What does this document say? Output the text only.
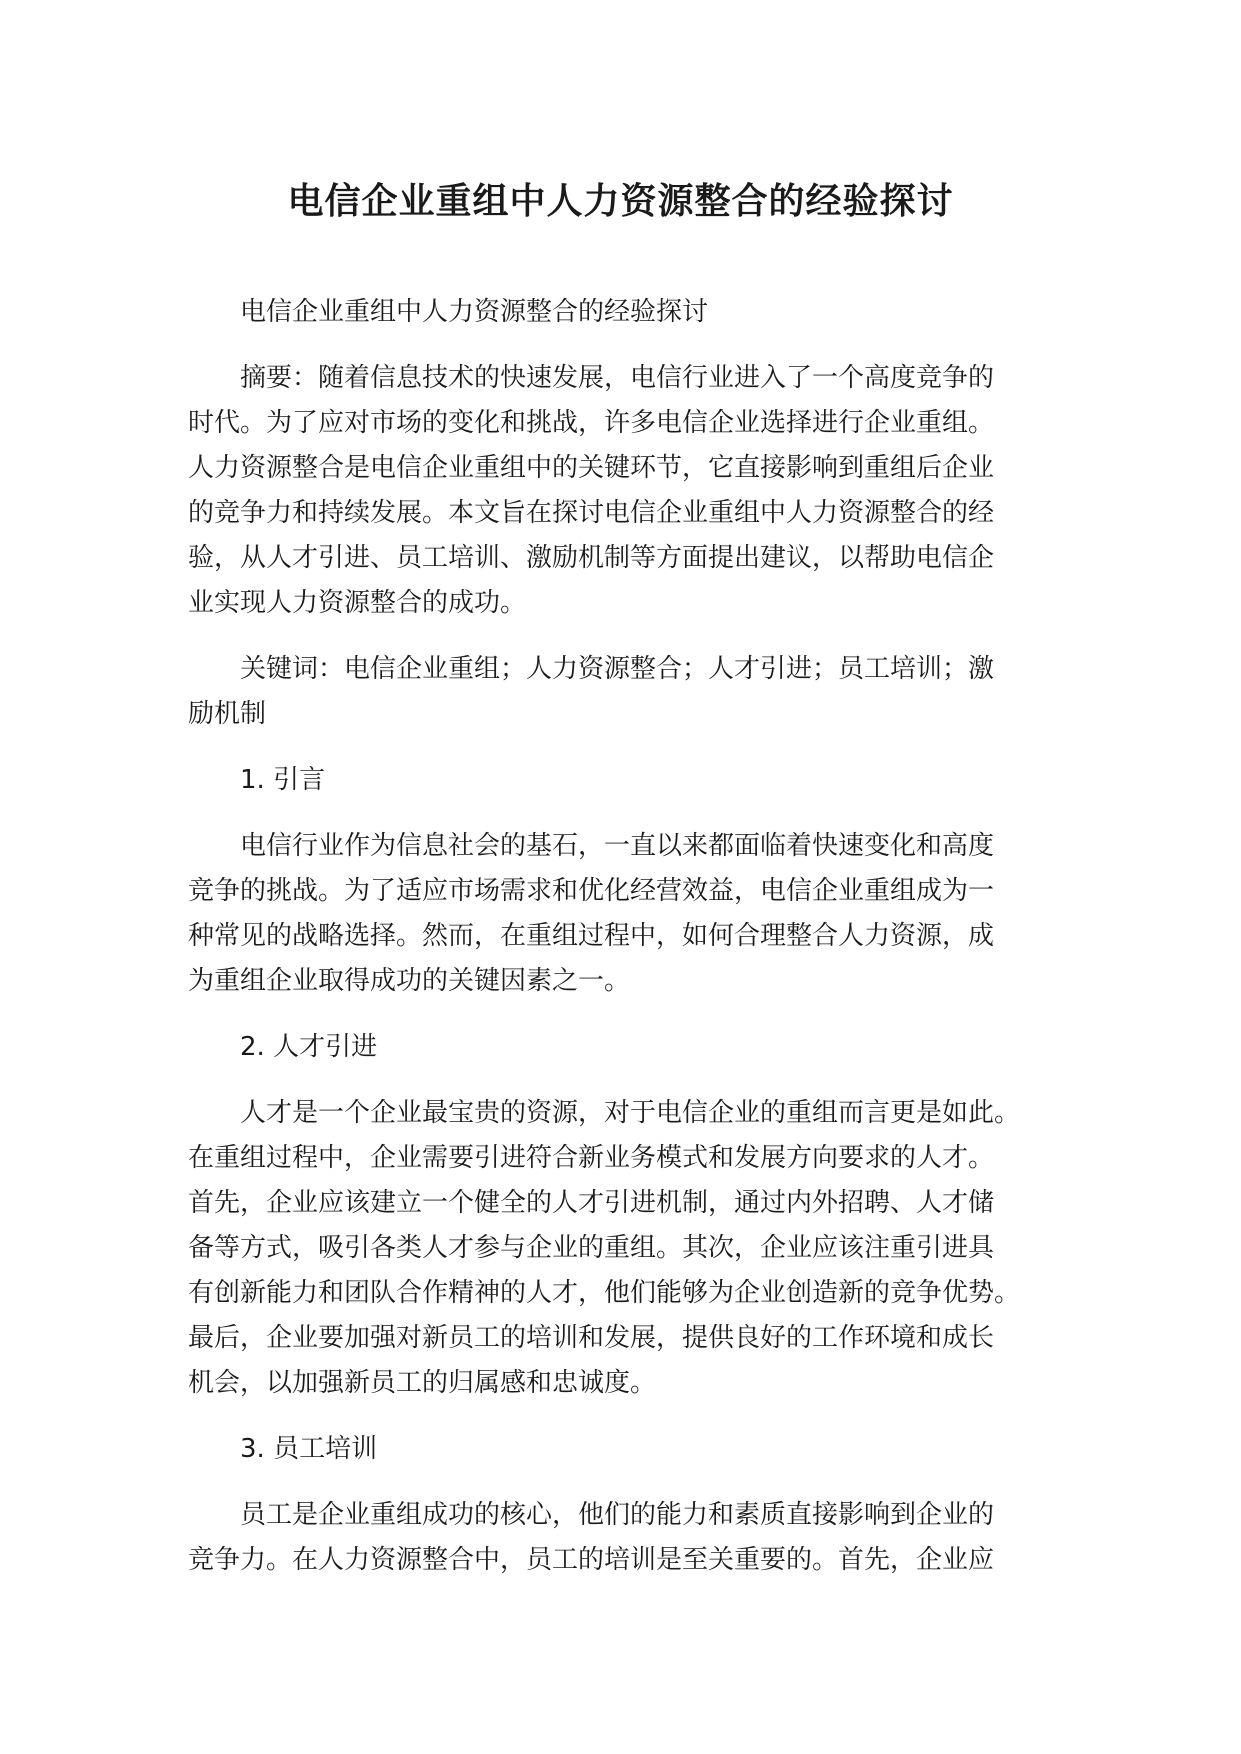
电信企业重组中人力资源整合的经验探讨

电信企业重组中人力资源整合的经验探讨

摘要：随着信息技术的快速发展，电信行业进入了一个高度竞争的
时代。为了应对市场的变化和挑战，许多电信企业选择进行企业重组。
人力资源整合是电信企业重组中的关键环节，它直接影响到重组后企业
的竞争力和持续发展。本文旨在探讨电信企业重组中人力资源整合的经
验，从人才引进、员工培训、激励机制等方面提出建议，以帮助电信企
业实现人力资源整合的成功。

关键词：电信企业重组；人力资源整合；人才引进；员工培训；激
励机制

1. 引言

电信行业作为信息社会的基石，一直以来都面临着快速变化和高度
竞争的挑战。为了适应市场需求和优化经营效益，电信企业重组成为一
种常见的战略选择。然而，在重组过程中，如何合理整合人力资源，成
为重组企业取得成功的关键因素之一。

2. 人才引进

人才是一个企业最宝贵的资源，对于电信企业的重组而言更是如此。
在重组过程中，企业需要引进符合新业务模式和发展方向要求的人才。
首先，企业应该建立一个健全的人才引进机制，通过内外招聘、人才储
备等方式，吸引各类人才参与企业的重组。其次，企业应该注重引进具
有创新能力和团队合作精神的人才，他们能够为企业创造新的竞争优势。
最后，企业要加强对新员工的培训和发展，提供良好的工作环境和成长
机会，以加强新员工的归属感和忠诚度。

3. 员工培训

员工是企业重组成功的核心，他们的能力和素质直接影响到企业的
竞争力。在人力资源整合中，员工的培训是至关重要的。首先，企业应
